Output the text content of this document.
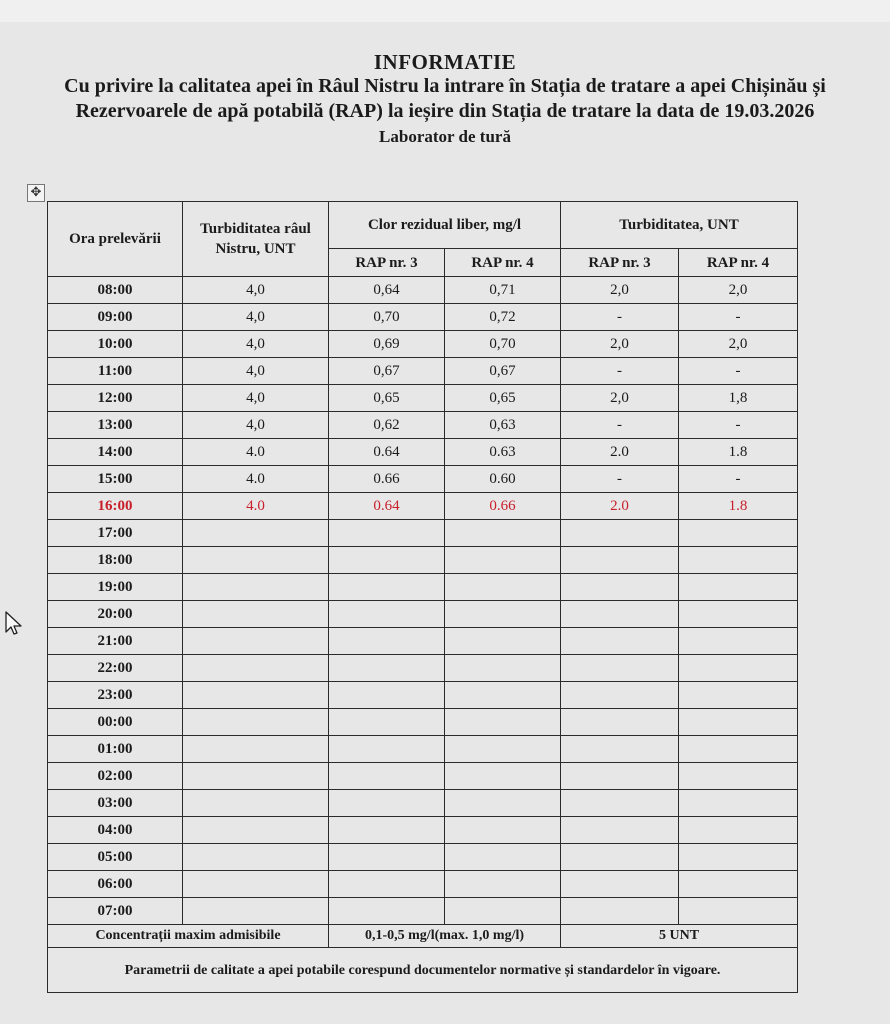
INFORMATIE
Cu privire la calitatea apei în Râul Nistru la intrare în Stația de tratare a apei Chișinău și Rezervoarele de apă potabilă (RAP) la ieșire din Stația de tratare la data de 19.03.2026
Laborator de tură
✥
Ora prelevării	Turbiditatea râul Nistru, UNT	Clor rezidual liber, mg/l		Turbiditatea, UNT	
		RAP nr. 3	RAP nr. 4	RAP nr. 3	RAP nr. 4
08:00	4,0	0,64	0,71	2,0	2,0
09:00	4,0	0,70	0,72	-	-
10:00	4,0	0,69	0,70	2,0	2,0
11:00	4,0	0,67	0,67	-	-
12:00	4,0	0,65	0,65	2,0	1,8
13:00	4,0	0,62	0,63	-	-
14:00	4.0	0.64	0.63	2.0	1.8
15:00	4.0	0.66	0.60	-	-
16:00	4.0	0.64	0.66	2.0	1.8
17:00					
18:00					
19:00					
20:00					
21:00					
22:00					
23:00					
00:00					
01:00					
02:00					
03:00					
04:00					
05:00					
06:00					
07:00					
Concentrații maxim admisibile		0,1-0,5 mg/l(max. 1,0 mg/l)		5 UNT	
Parametrii de calitate a apei potabile corespund documentelor normative și standardelor în vigoare.					
